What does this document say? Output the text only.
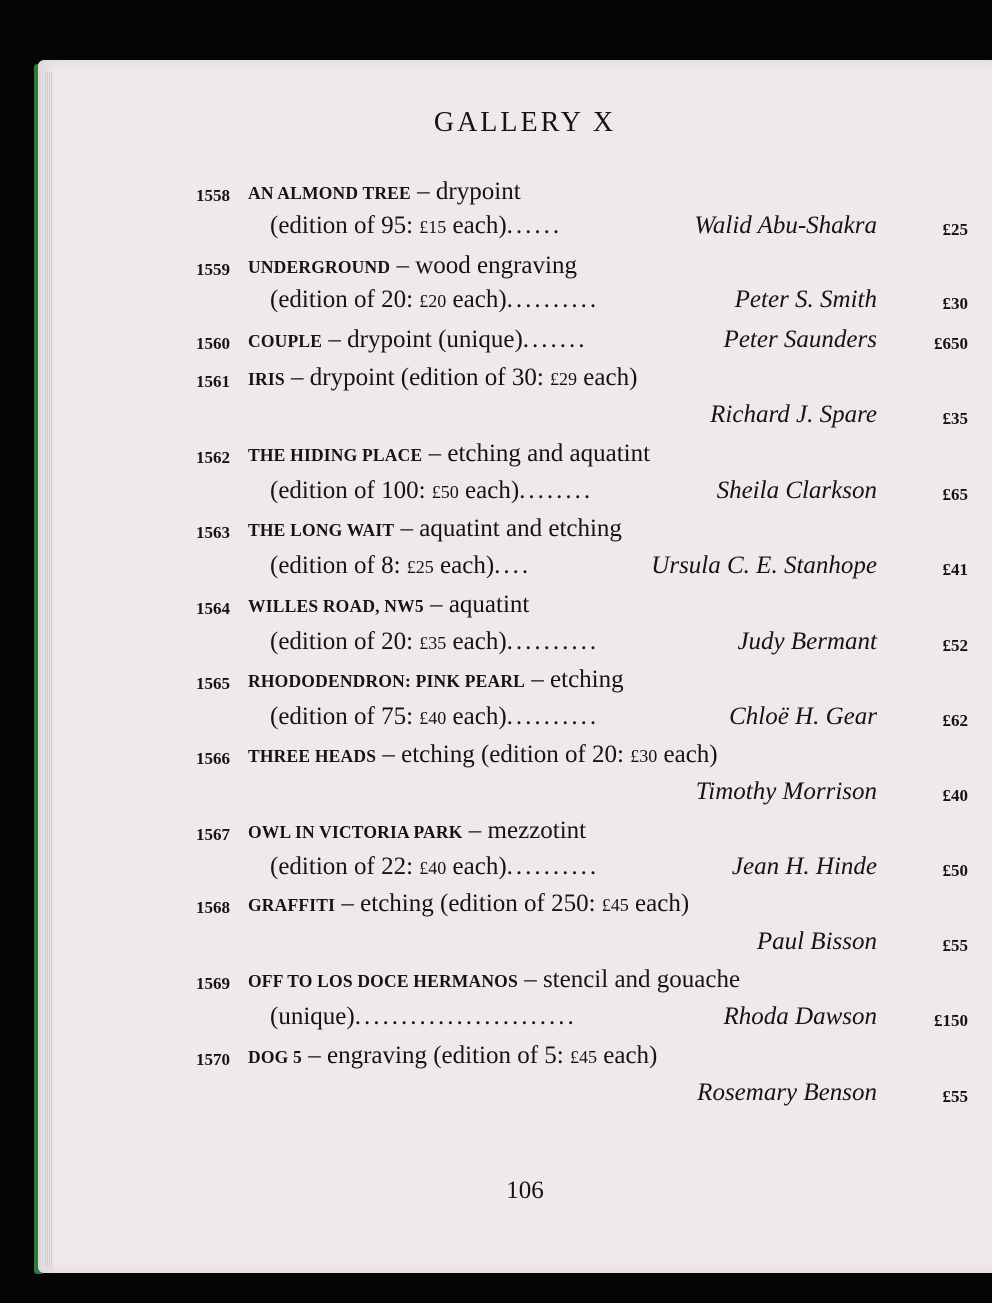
GALLERY X
1558 AN ALMOND TREE – drypoint
(edition of 95: £15 each)......	Walid Abu-Shakra	£25
1559 UNDERGROUND – wood engraving
(edition of 20: £20 each)..........	Peter S. Smith	£30
1560 COUPLE – drypoint (unique).......	Peter Saunders	£650
1561 IRIS – drypoint (edition of 30: £29 each)
Richard J. Spare	£35
1562 THE HIDING PLACE – etching and aquatint
(edition of 100: £50 each)........	Sheila Clarkson	£65
1563 THE LONG WAIT – aquatint and etching
(edition of 8: £25 each)....	Ursula C. E. Stanhope	£41
1564 WILLES ROAD, NW5 – aquatint
(edition of 20: £35 each)..........	Judy Bermant	£52
1565 RHODODENDRON: PINK PEARL – etching
(edition of 75: £40 each)..........	Chloë H. Gear	£62
1566 THREE HEADS – etching (edition of 20: £30 each)
Timothy Morrison	£40
1567 OWL IN VICTORIA PARK – mezzotint
(edition of 22: £40 each)..........	Jean H. Hinde	£50
1568 GRAFFITI – etching (edition of 250: £45 each)
Paul Bisson	£55
1569 OFF TO LOS DOCE HERMANOS – stencil and gouache
(unique)........................	Rhoda Dawson	£150
1570 DOG 5 – engraving (edition of 5: £45 each)
Rosemary Benson	£55
106
